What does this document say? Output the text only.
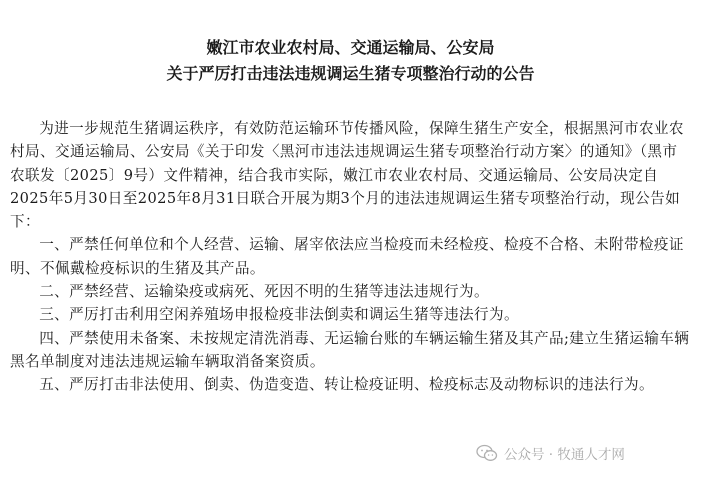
嫩江市农业农村局、交通运输局、公安局
关于严厉打击违法违规调运生猪专项整治行动的公告

为进一步规范生猪调运秩序，有效防范运输环节传播风险，保障生猪生产安全，根据黑河市农业农村局、交通运输局、公安局《关于印发〈黑河市违法违规调运生猪专项整治行动方案〉的通知》（黑市农联发〔2025〕9号）文件精神，结合我市实际，嫩江市农业农村局、交通运输局、公安局决定自2025年5月30日至2025年8月31日联合开展为期3个月的违法违规调运生猪专项整治行动，现公告如下：

一、严禁任何单位和个人经营、运输、屠宰依法应当检疫而未经检疫、检疫不合格、未附带检疫证明、不佩戴检疫标识的生猪及其产品。

二、严禁经营、运输染疫或病死、死因不明的生猪等违法违规行为。

三、严厉打击利用空闲养殖场申报检疫非法倒卖和调运生猪等违法行为。

四、严禁使用未备案、未按规定清洗消毒、无运输台账的车辆运输生猪及其产品;建立生猪运输车辆黑名单制度对违法违规运输车辆取消备案资质。

五、严厉打击非法使用、倒卖、伪造变造、转让检疫证明、检疫标志及动物标识的违法行为。

公众号 · 牧通人才网
